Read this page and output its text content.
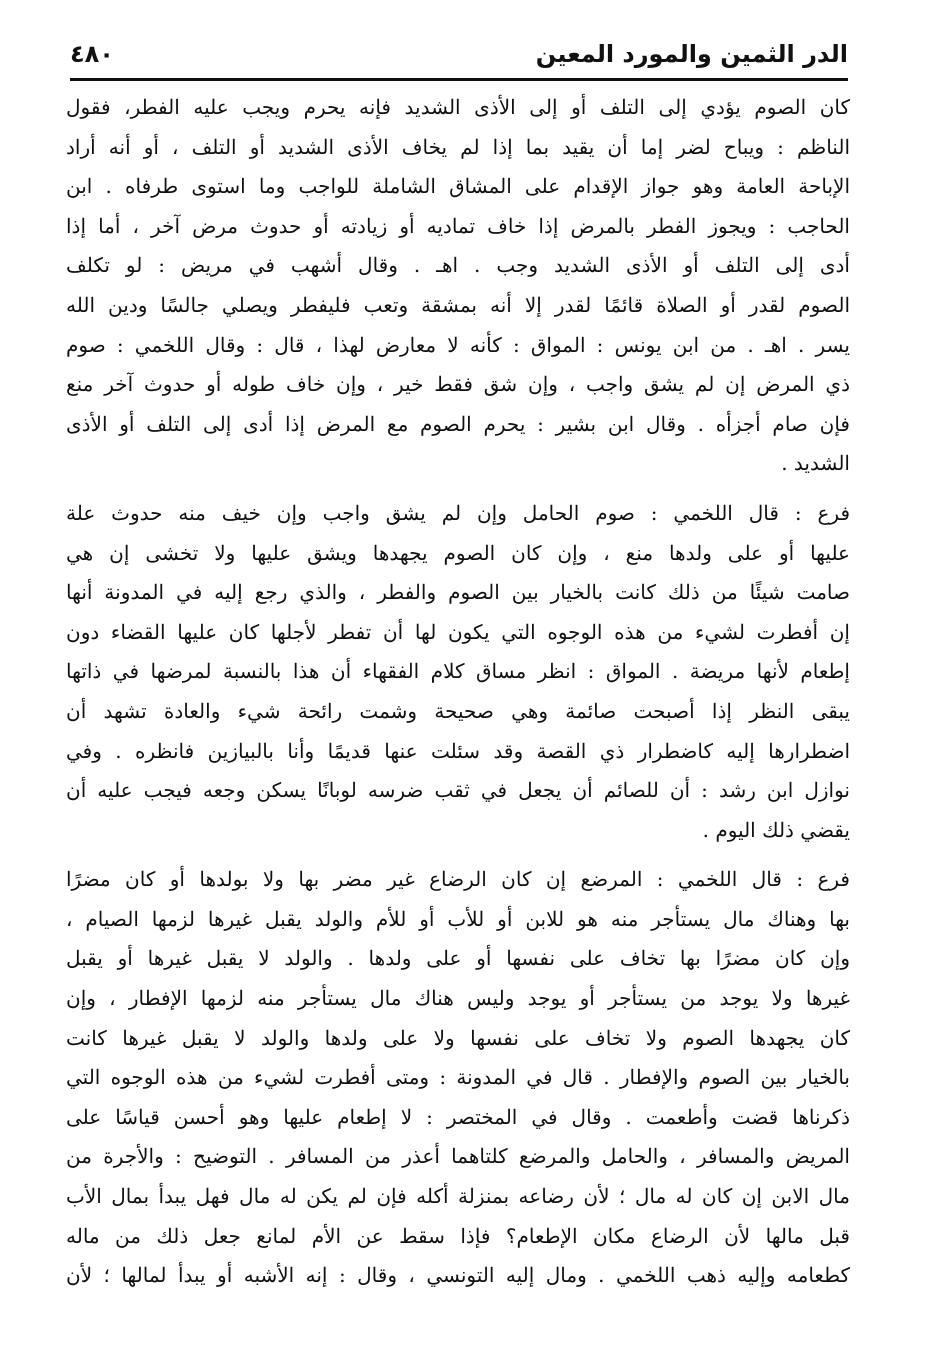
الدر الثمين والمورد المعين
٤٨٠
كان الصوم يؤدي إلى التلف أو إلى الأذى الشديد فإنه يحرم ويجب عليه الفطر، فقول
الناظم : ويباح لضر إما أن يقيد بما إذا لم يخاف الأذى الشديد أو التلف ، أو أنه أراد
الإباحة العامة وهو جواز الإقدام على المشاق الشاملة للواجب وما استوى طرفاه . ابن
الحاجب : ويجوز الفطر بالمرض إذا خاف تماديه أو زيادته أو حدوث مرض آخر ، أما إذا
أدى إلى التلف أو الأذى الشديد وجب . اهـ . وقال أشهب في مريض : لو تكلف
الصوم لقدر أو الصلاة قائمًا لقدر إلا أنه بمشقة وتعب فليفطر ويصلي جالسًا ودين الله
يسر . اهـ . من ابن يونس : المواق : كأنه لا معارض لهذا ، قال : وقال اللخمي : صوم
ذي المرض إن لم يشق واجب ، وإن شق فقط خير ، وإن خاف طوله أو حدوث آخر منع
فإن صام أجزأه . وقال ابن بشير : يحرم الصوم مع المرض إذا أدى إلى التلف أو الأذى
الشديد .
فرع : قال اللخمي : صوم الحامل وإن لم يشق واجب وإن خيف منه حدوث علة
عليها أو على ولدها منع ، وإن كان الصوم يجهدها ويشق عليها ولا تخشى إن هي
صامت شيئًا من ذلك كانت بالخيار بين الصوم والفطر ، والذي رجع إليه في المدونة أنها
إن أفطرت لشيء من هذه الوجوه التي يكون لها أن تفطر لأجلها كان عليها القضاء دون
إطعام لأنها مريضة . المواق : انظر مساق كلام الفقهاء أن هذا بالنسبة لمرضها في ذاتها
يبقى النظر إذا أصبحت صائمة وهي صحيحة وشمت رائحة شيء والعادة تشهد أن
اضطرارها إليه كاضطرار ذي القصة وقد سئلت عنها قديمًا وأنا بالبيازين فانظره . وفي
نوازل ابن رشد : أن للصائم أن يجعل في ثقب ضرسه لوبانًا يسكن وجعه فيجب عليه أن
يقضي ذلك اليوم .
فرع : قال اللخمي : المرضع إن كان الرضاع غير مضر بها ولا بولدها أو كان مضرًا
بها وهناك مال يستأجر منه هو للابن أو للأب أو للأم والولد يقبل غيرها لزمها الصيام ،
وإن كان مضرًا بها تخاف على نفسها أو على ولدها . والولد لا يقبل غيرها أو يقبل
غيرها ولا يوجد من يستأجر أو يوجد وليس هناك مال يستأجر منه لزمها الإفطار ، وإن
كان يجهدها الصوم ولا تخاف على نفسها ولا على ولدها والولد لا يقبل غيرها كانت
بالخيار بين الصوم والإفطار . قال في المدونة : ومتى أفطرت لشيء من هذه الوجوه التي
ذكرناها قضت وأطعمت . وقال في المختصر : لا إطعام عليها وهو أحسن قياسًا على
المريض والمسافر ، والحامل والمرضع كلتاهما أعذر من المسافر . التوضيح : والأجرة من
مال الابن إن كان له مال ؛ لأن رضاعه بمنزلة أكله فإن لم يكن له مال فهل يبدأ بمال الأب
قبل مالها لأن الرضاع مكان الإطعام؟ فإذا سقط عن الأم لمانع جعل ذلك من ماله
كطعامه وإليه ذهب اللخمي . ومال إليه التونسي ، وقال : إنه الأشبه أو يبدأ لمالها ؛ لأن
